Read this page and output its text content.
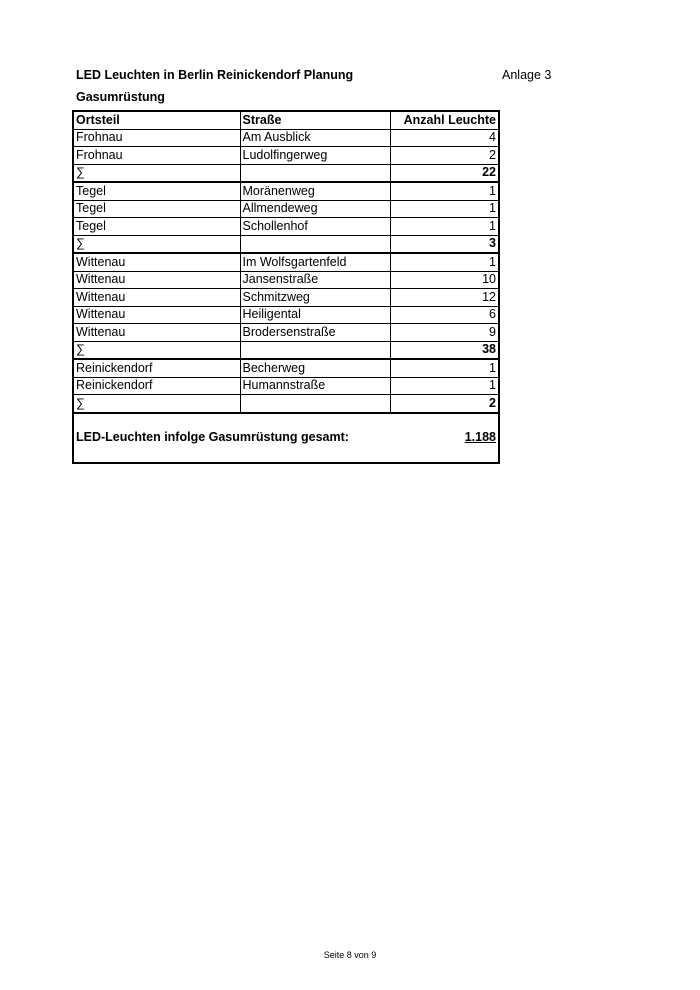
LED Leuchten in Berlin Reinickendorf Planung	Anlage 3
Gasumrüstung
Ortsteil	Straße	Anzahl Leuchte
Frohnau	Am Ausblick	4
Frohnau	Ludolfingerweg	2
∑		22
Tegel	Moränenweg	1
Tegel	Allmendeweg	1
Tegel	Schollenhof	1
∑		3
Wittenau	Im Wolfsgartenfeld	1
Wittenau	Jansenstraße	10
Wittenau	Schmitzweg	12
Wittenau	Heiligental	6
Wittenau	Brodersenstraße	9
∑		38
Reinickendorf	Becherweg	1
Reinickendorf	Humannstraße	1
∑		2
LED-Leuchten infolge Gasumrüstung gesamt:		1.188
Seite 8 von 9
